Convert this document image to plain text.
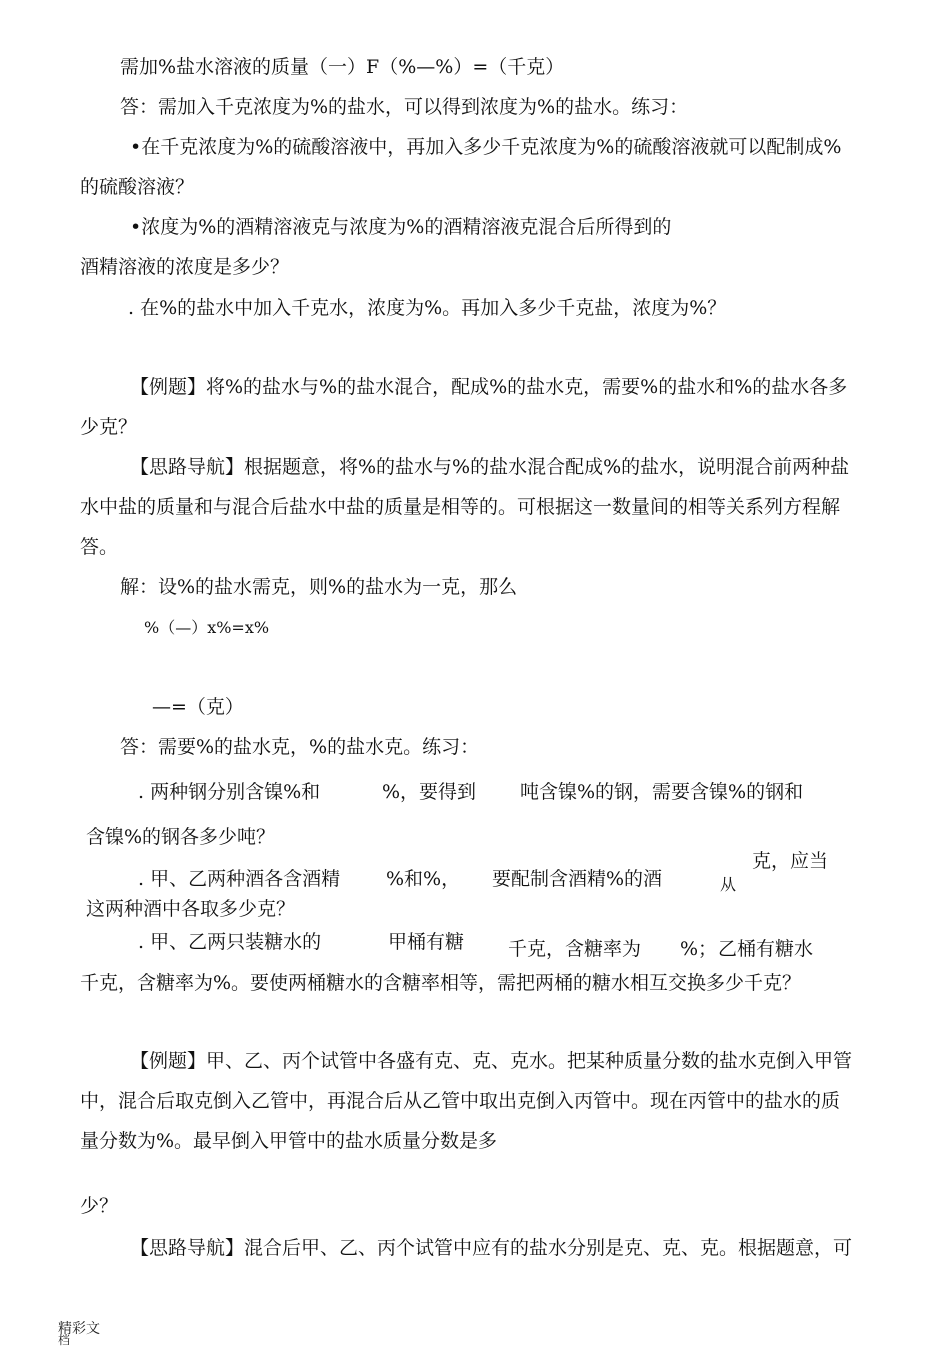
需加%盐水溶液的质量（一）F（%—%）=（千克）
答：需加入千克浓度为%的盐水，可以得到浓度为%的盐水。练习：
•在千克浓度为%的硫酸溶液中，再加入多少千克浓度为%的硫酸溶液就可以配制成%
的硫酸溶液？
•浓度为%的酒精溶液克与浓度为%的酒精溶液克混合后所得到的
酒精溶液的浓度是多少？
. 在%的盐水中加入千克水，浓度为%。再加入多少千克盐，浓度为%？
【例题】将%的盐水与%的盐水混合，配成%的盐水克，需要%的盐水和%的盐水各多
少克？
【思路导航】根据题意，将%的盐水与%的盐水混合配成%的盐水，说明混合前两种盐
水中盐的质量和与混合后盐水中盐的质量是相等的。可根据这一数量间的相等关系列方程解
答。
解：设%的盐水需克，则%的盐水为一克，那么
%（—）x%=x%
—=（克）
答：需要%的盐水克，%的盐水克。练习：
. 两种钢分别含镍%和	%，要得到 吨含镍%的钢，需要含镍%的钢和
含镍%的钢各多少吨？
克，应当
. 甲、乙两种酒各含酒精 %和%， 要配制含酒精%的酒	从
这两种酒中各取多少克？
. 甲、乙两只装糖水的	甲桶有糖 千克，含糖率为 %； 乙桶有糖水
千克，含糖率为%。要使两桶糖水的含糖率相等，需把两桶的糖水相互交换多少千克？
【例题】甲、乙、丙个试管中各盛有克、克、克水。把某种质量分数的盐水克倒入甲管
中，混合后取克倒入乙管中，再混合后从乙管中取出克倒入丙管中。现在丙管中的盐水的质
量分数为%。最早倒入甲管中的盐水质量分数是多
少？
【思路导航】混合后甲、乙、丙个试管中应有的盐水分别是克、克、克。根据题意，可
精彩文
档
